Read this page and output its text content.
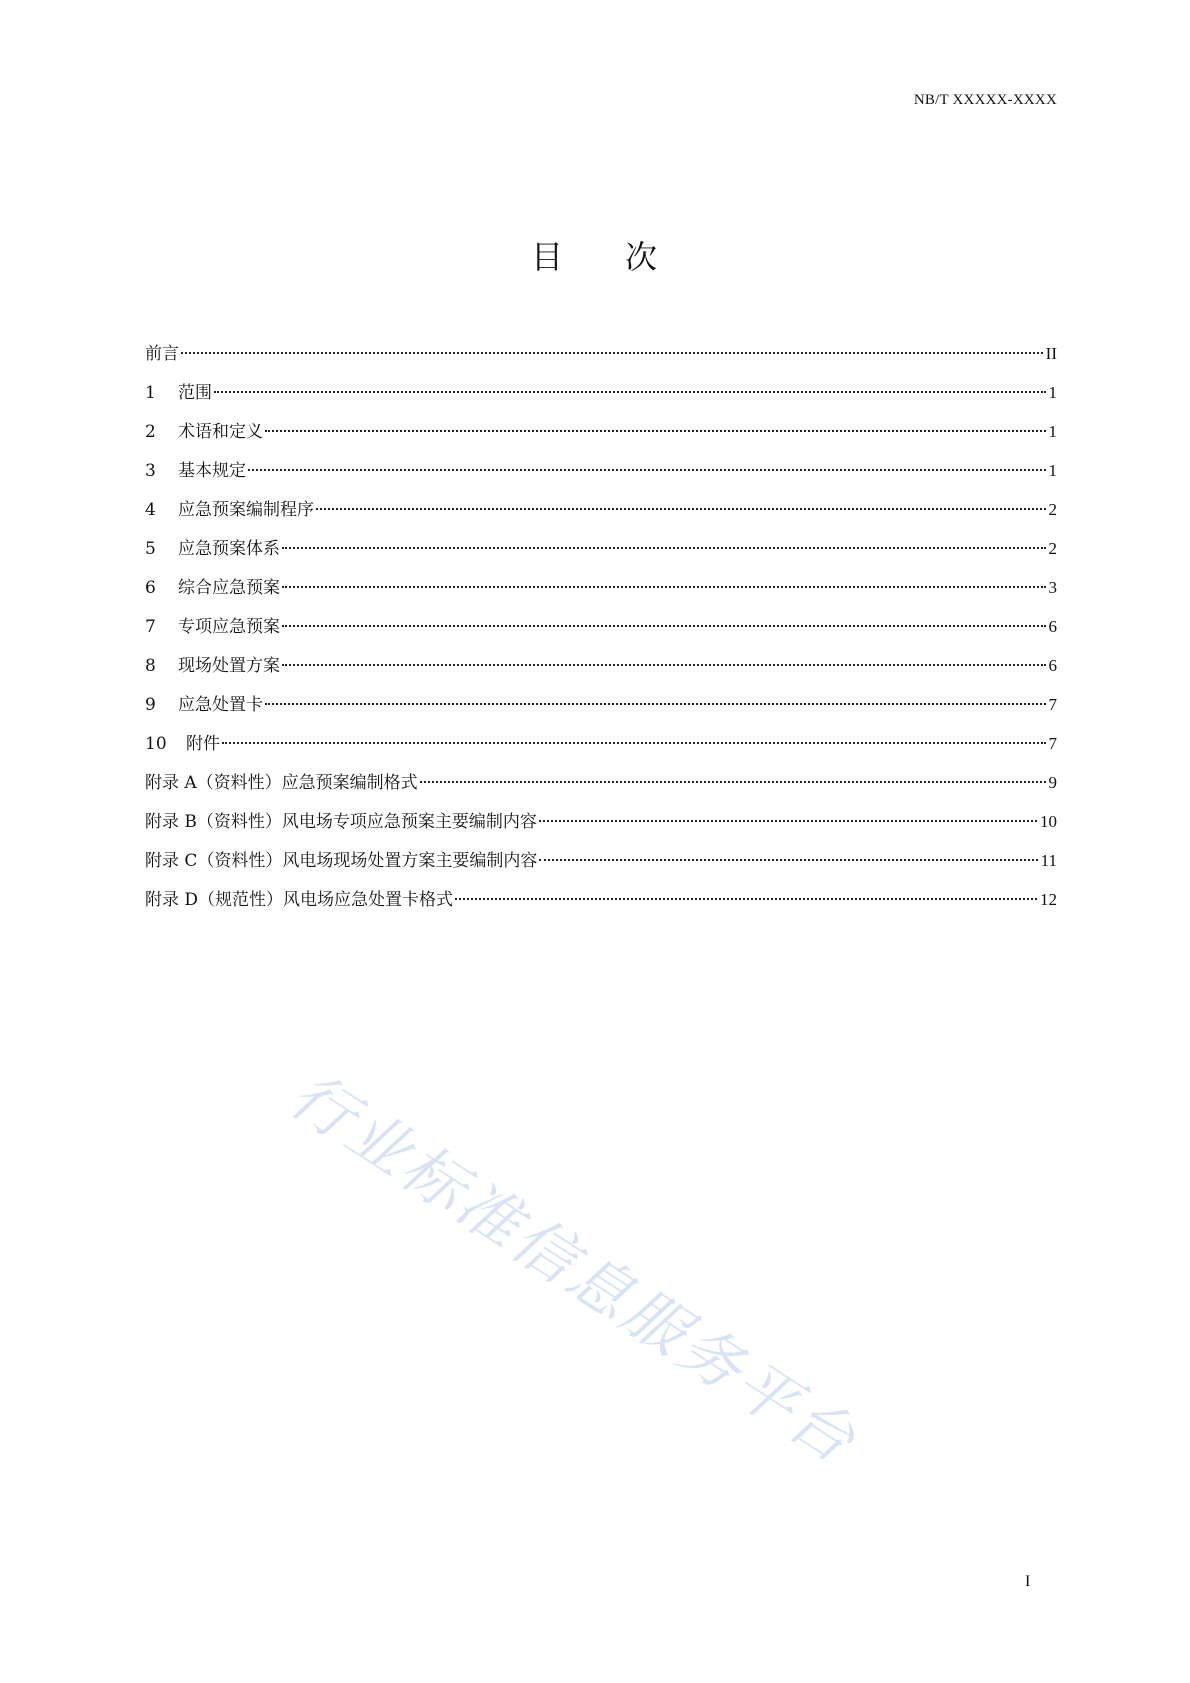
NB/T XXXXX-XXXX
目 次
前言	II
1	范围	1
2	术语和定义	1
3	基本规定	1
4	应急预案编制程序	2
5	应急预案体系	2
6	综合应急预案	3
7	专项应急预案	6
8	现场处置方案	6
9	应急处置卡	7
10	附件	7
附录 A（资料性）应急预案编制格式	9
附录 B（资料性）风电场专项应急预案主要编制内容	10
附录 C（资料性）风电场现场处置方案主要编制内容	11
附录 D（规范性）风电场应急处置卡格式	12
行业标准信息服务平台
I
